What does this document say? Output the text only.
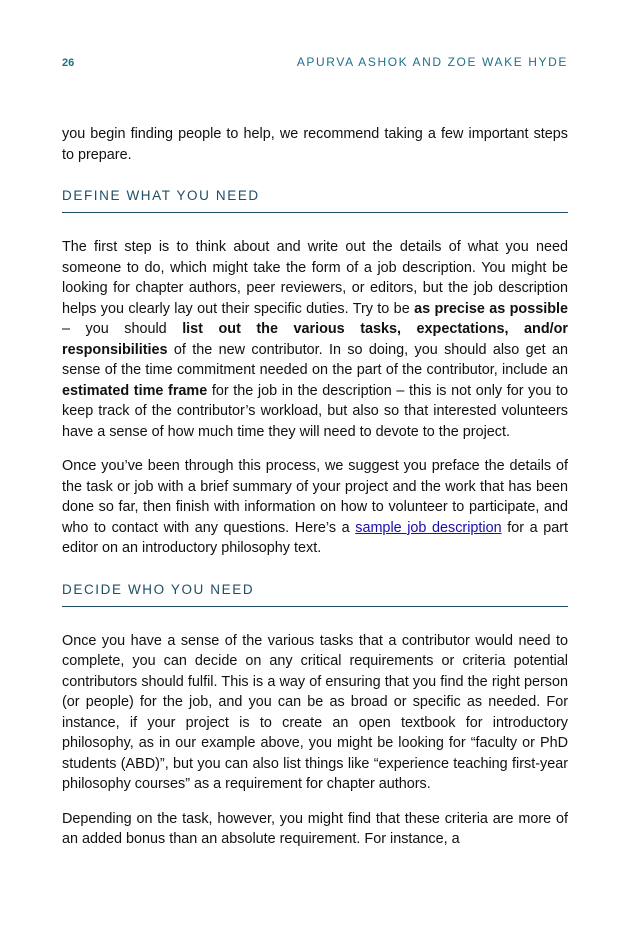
26	APURVA ASHOK AND ZOE WAKE HYDE

you begin finding people to help, we recommend taking a few important steps to prepare.

DEFINE WHAT YOU NEED

The first step is to think about and write out the details of what you need someone to do, which might take the form of a job description. You might be looking for chapter authors, peer reviewers, or editors, but the job description helps you clearly lay out their specific duties. Try to be as precise as possible – you should list out the various tasks, expectations, and/or responsibilities of the new contributor. In so doing, you should also get an sense of the time commitment needed on the part of the contributor, include an estimated time frame for the job in the description – this is not only for you to keep track of the contributor’s workload, but also so that interested volunteers have a sense of how much time they will need to devote to the project.

Once you’ve been through this process, we suggest you preface the details of the task or job with a brief summary of your project and the work that has been done so far, then finish with information on how to volunteer to participate, and who to contact with any questions. Here’s a sample job description for a part editor on an introductory philosophy text.

DECIDE WHO YOU NEED

Once you have a sense of the various tasks that a contributor would need to complete, you can decide on any critical requirements or criteria potential contributors should fulfil. This is a way of ensuring that you find the right person (or people) for the job, and you can be as broad or specific as needed. For instance, if your project is to create an open textbook for introductory philosophy, as in our example above, you might be looking for “faculty or PhD students (ABD)”, but you can also list things like “experience teaching first-year philosophy courses” as a requirement for chapter authors.

Depending on the task, however, you might find that these criteria are more of an added bonus than an absolute requirement. For instance, a
